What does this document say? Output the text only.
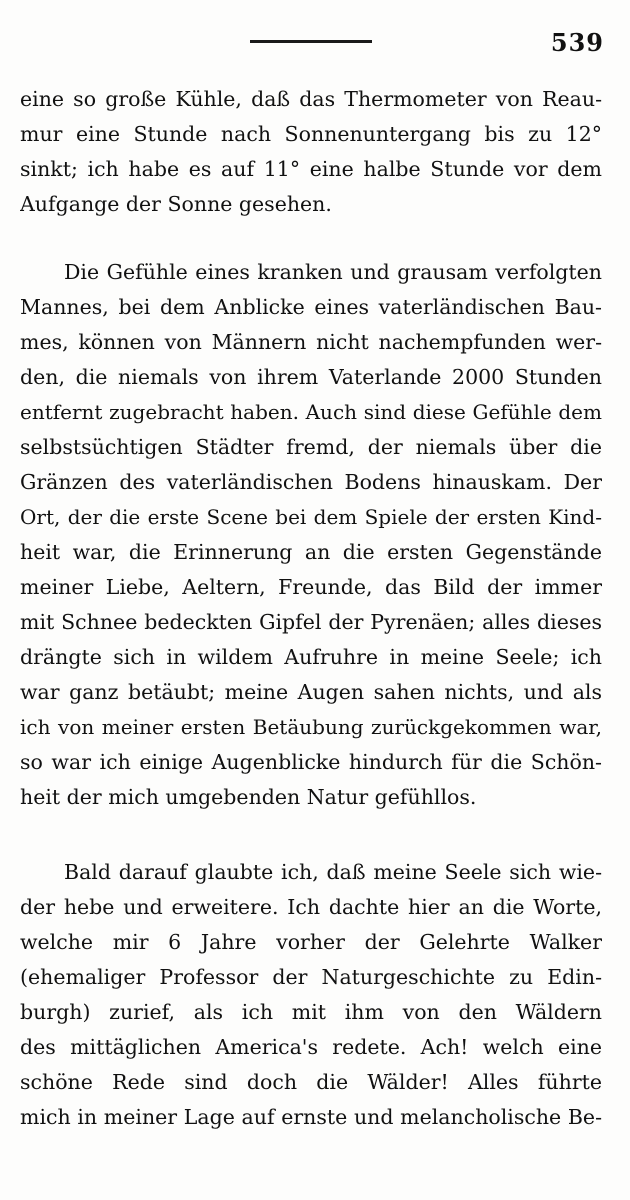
539
eine so große Kühle, daß das Thermometer von Reau-
mur eine Stunde nach Sonnenuntergang bis zu 12°
sinkt; ich habe es auf 11° eine halbe Stunde vor dem
Aufgange der Sonne gesehen.
Die Gefühle eines kranken und grausam verfolgten
Mannes, bei dem Anblicke eines vaterländischen Bau-
mes, können von Männern nicht nachempfunden wer-
den, die niemals von ihrem Vaterlande 2000 Stunden
entfernt zugebracht haben. Auch sind diese Gefühle dem
selbstsüchtigen Städter fremd, der niemals über die
Gränzen des vaterländischen Bodens hinauskam. Der
Ort, der die erste Scene bei dem Spiele der ersten Kind-
heit war, die Erinnerung an die ersten Gegenstände
meiner Liebe, Aeltern, Freunde, das Bild der immer
mit Schnee bedeckten Gipfel der Pyrenäen; alles dieses
drängte sich in wildem Aufruhre in meine Seele; ich
war ganz betäubt; meine Augen sahen nichts, und als
ich von meiner ersten Betäubung zurückgekommen war,
so war ich einige Augenblicke hindurch für die Schön-
heit der mich umgebenden Natur gefühllos.
Bald darauf glaubte ich, daß meine Seele sich wie-
der hebe und erweitere. Ich dachte hier an die Worte,
welche mir 6 Jahre vorher der Gelehrte Walker
(ehemaliger Professor der Naturgeschichte zu Edin-
burgh) zurief, als ich mit ihm von den Wäldern
des mittäglichen America's redete. Ach! welch eine
schöne Rede sind doch die Wälder! Alles führte
mich in meiner Lage auf ernste und melancholische Be-
